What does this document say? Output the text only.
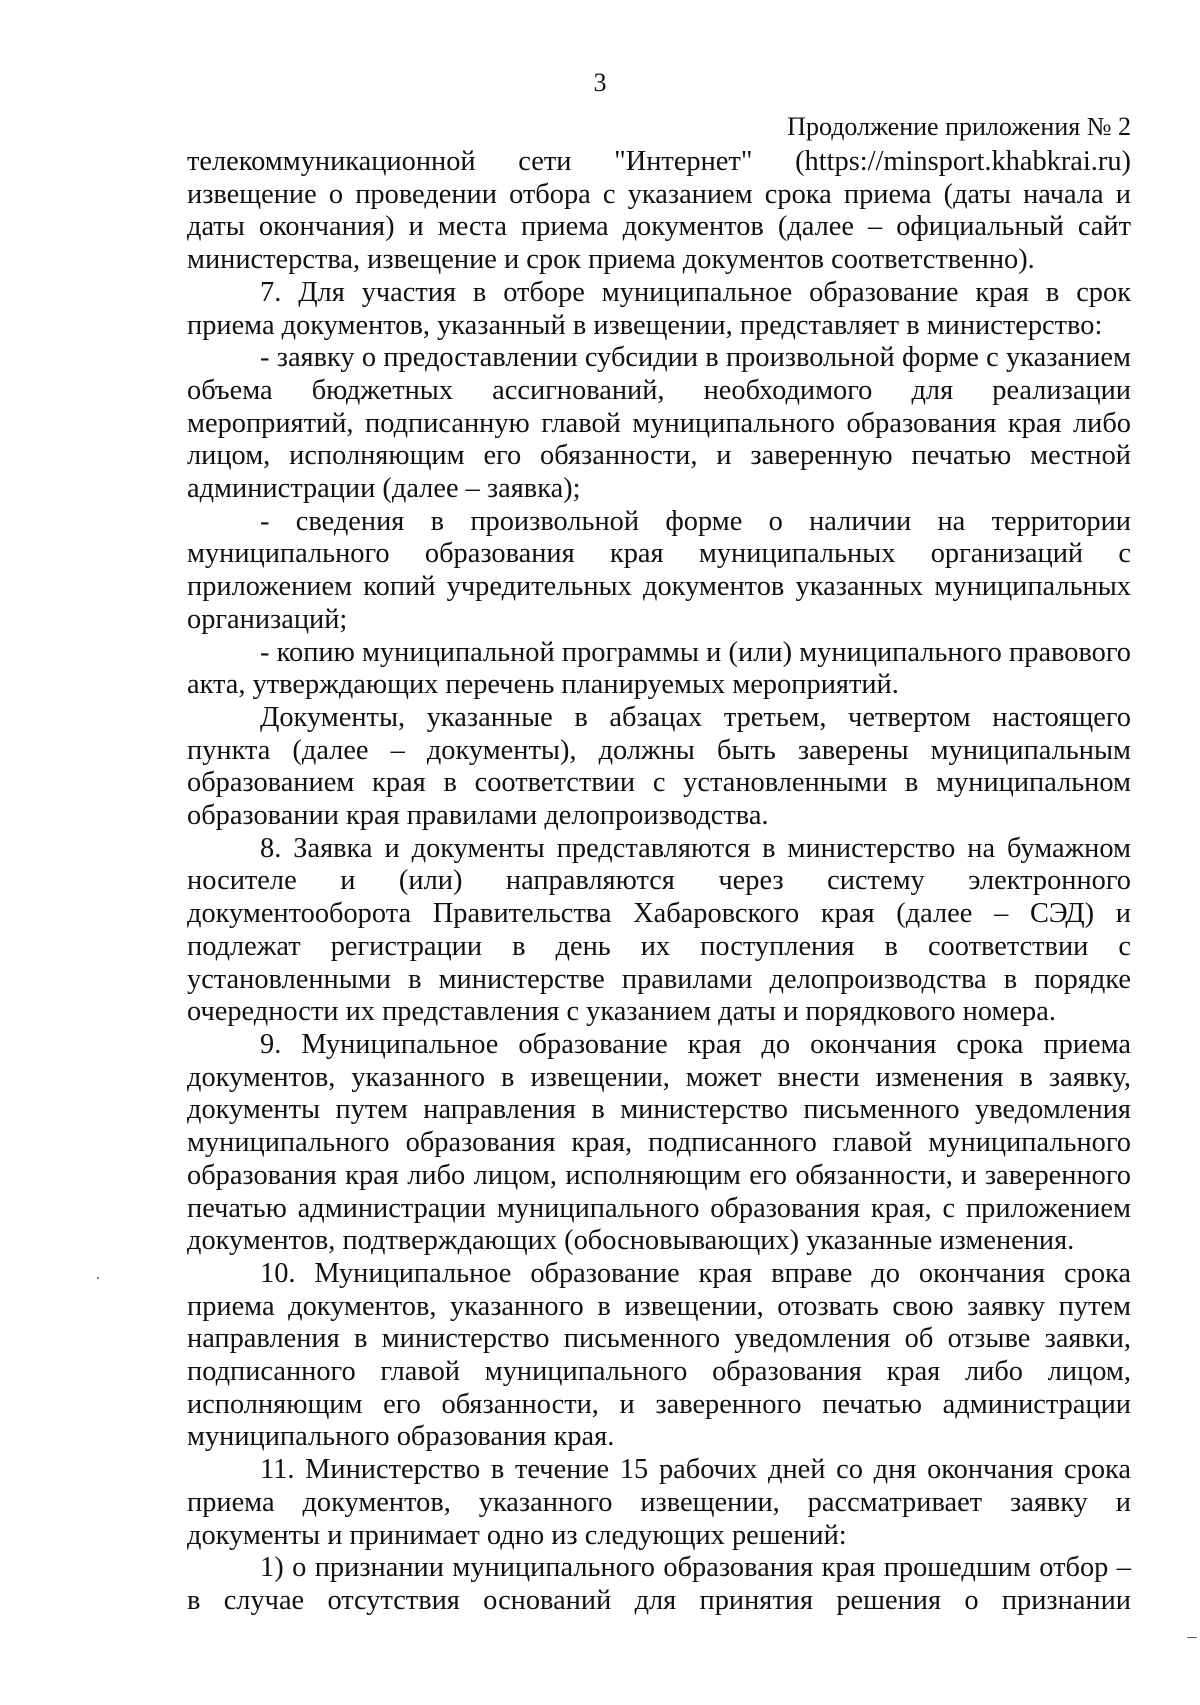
3

Продолжение приложения № 2

телекоммуникационной сети "Интернет" (https://minsport.khabkrai.ru) извещение о проведении отбора с указанием срока приема (даты начала и даты окончания) и места приема документов (далее – официальный сайт министерства, извещение и срок приема документов соответственно).

7. Для участия в отборе муниципальное образование края в срок приема документов, указанный в извещении, представляет в министерство:

- заявку о предоставлении субсидии в произвольной форме с указанием объема бюджетных ассигнований, необходимого для реализации мероприятий, подписанную главой муниципального образования края либо лицом, исполняющим его обязанности, и заверенную печатью местной администрации (далее – заявка);

- сведения в произвольной форме о наличии на территории муниципального образования края муниципальных организаций с приложением копий учредительных документов указанных муниципальных организаций;

- копию муниципальной программы и (или) муниципального правового акта, утверждающих перечень планируемых мероприятий.

Документы, указанные в абзацах третьем, четвертом настоящего пункта (далее – документы), должны быть заверены муниципальным образованием края в соответствии с установленными в муниципальном образовании края правилами делопроизводства.

8. Заявка и документы представляются в министерство на бумажном носителе и (или) направляются через систему электронного документооборота Правительства Хабаровского края (далее – СЭД) и подлежат регистрации в день их поступления в соответствии с установленными в министерстве правилами делопроизводства в порядке очередности их представления с указанием даты и порядкового номера.

9. Муниципальное образование края до окончания срока приема документов, указанного в извещении, может внести изменения в заявку, документы путем направления в министерство письменного уведомления муниципального образования края, подписанного главой муниципального образования края либо лицом, исполняющим его обязанности, и заверенного печатью администрации муниципального образования края, с приложением документов, подтверждающих (обосновывающих) указанные изменения.

10. Муниципальное образование края вправе до окончания срока приема документов, указанного в извещении, отозвать свою заявку путем направления в министерство письменного уведомления об отзыве заявки, подписанного главой муниципального образования края либо лицом, исполняющим его обязанности, и заверенного печатью администрации муниципального образования края.

11. Министерство в течение 15 рабочих дней со дня окончания срока приема документов, указанного извещении, рассматривает заявку и документы и принимает одно из следующих решений:

1) о признании муниципального образования края прошедшим отбор – в случае отсутствия оснований для принятия решения о признании
